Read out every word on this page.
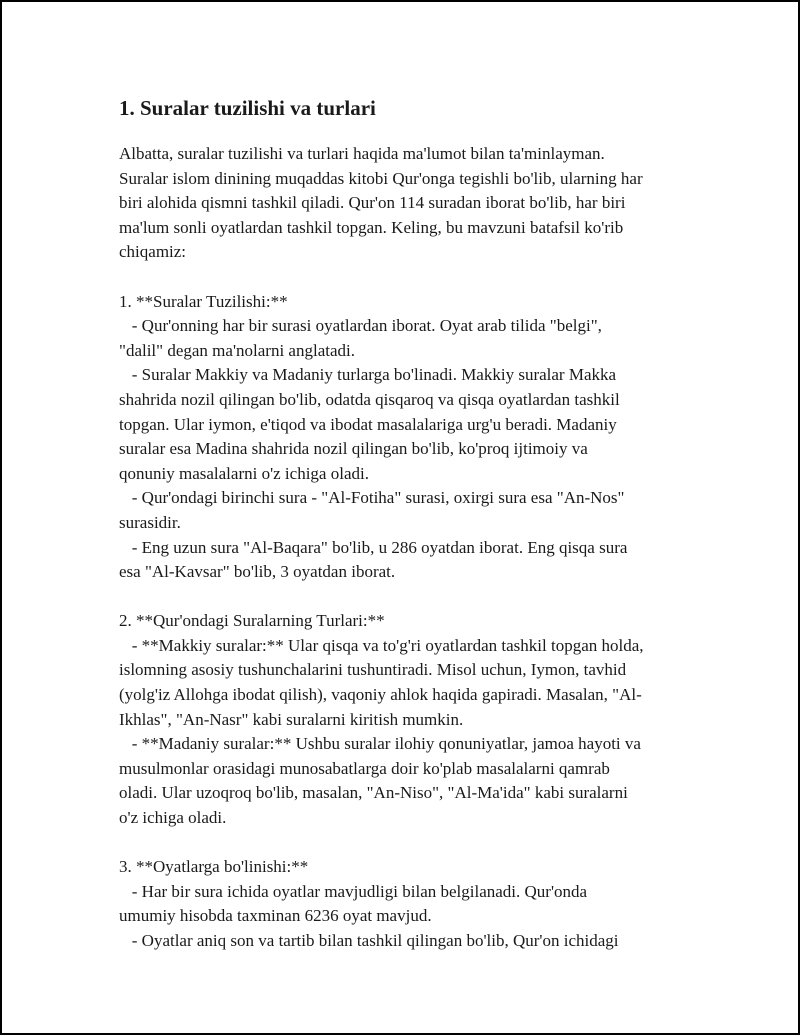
1. Suralar tuzilishi va turlari

Albatta, suralar tuzilishi va turlari haqida ma'lumot bilan ta'minlayman.
Suralar islom dinining muqaddas kitobi Qur'onga tegishli bo'lib, ularning har
biri alohida qismni tashkil qiladi. Qur'on 114 suradan iborat bo'lib, har biri
ma'lum sonli oyatlardan tashkil topgan. Keling, bu mavzuni batafsil ko'rib
chiqamiz:

1. **Suralar Tuzilishi:**
- Qur'onning har bir surasi oyatlardan iborat. Oyat arab tilida "belgi",
"dalil" degan ma'nolarni anglatadi.
- Suralar Makkiy va Madaniy turlarga bo'linadi. Makkiy suralar Makka
shahrida nozil qilingan bo'lib, odatda qisqaroq va qisqa oyatlardan tashkil
topgan. Ular iymon, e'tiqod va ibodat masalalariga urg'u beradi. Madaniy
suralar esa Madina shahrida nozil qilingan bo'lib, ko'proq ijtimoiy va
qonuniy masalalarni o'z ichiga oladi.
- Qur'ondagi birinchi sura - "Al-Fotiha" surasi, oxirgi sura esa "An-Nos"
surasidir.
- Eng uzun sura "Al-Baqara" bo'lib, u 286 oyatdan iborat. Eng qisqa sura
esa "Al-Kavsar" bo'lib, 3 oyatdan iborat.

2. **Qur'ondagi Suralarning Turlari:**
- **Makkiy suralar:** Ular qisqa va to'g'ri oyatlardan tashkil topgan holda,
islomning asosiy tushunchalarini tushuntiradi. Misol uchun, Iymon, tavhid
(yolg'iz Allohga ibodat qilish), vaqoniy ahlok haqida gapiradi. Masalan, "Al-
Ikhlas", "An-Nasr" kabi suralarni kiritish mumkin.
- **Madaniy suralar:** Ushbu suralar ilohiy qonuniyatlar, jamoa hayoti va
musulmonlar orasidagi munosabatlarga doir ko'plab masalalarni qamrab
oladi. Ular uzoqroq bo'lib, masalan, "An-Niso", "Al-Ma'ida" kabi suralarni
o'z ichiga oladi.

3. **Oyatlarga bo'linishi:**
- Har bir sura ichida oyatlar mavjudligi bilan belgilanadi. Qur'onda
umumiy hisobda taxminan 6236 oyat mavjud.
- Oyatlar aniq son va tartib bilan tashkil qilingan bo'lib, Qur'on ichidagi
